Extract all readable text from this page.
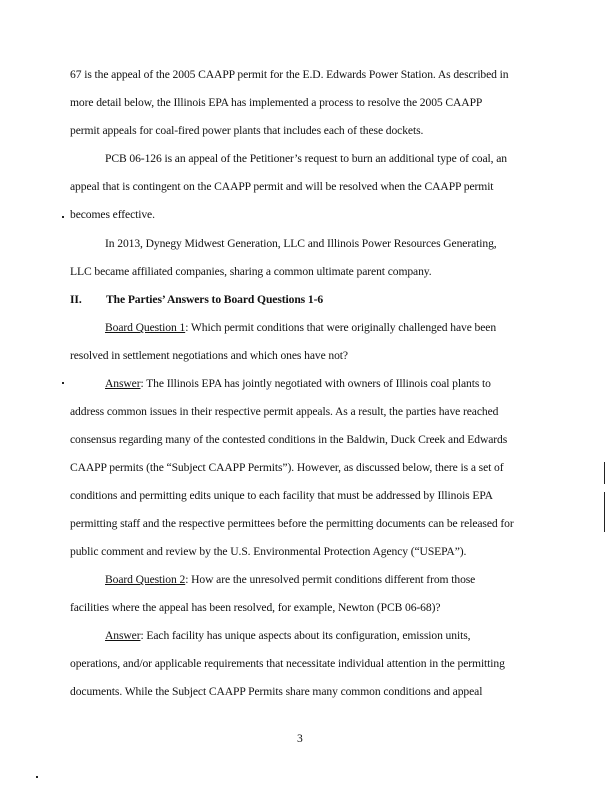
67 is the appeal of the 2005 CAAPP permit for the E.D. Edwards Power Station. As described in
more detail below, the Illinois EPA has implemented a process to resolve the 2005 CAAPP
permit appeals for coal-fired power plants that includes each of these dockets.
PCB 06-126 is an appeal of the Petitioner’s request to burn an additional type of coal, an
appeal that is contingent on the CAAPP permit and will be resolved when the CAAPP permit
becomes effective.
In 2013, Dynegy Midwest Generation, LLC and Illinois Power Resources Generating,
LLC became affiliated companies, sharing a common ultimate parent company.
II. The Parties’ Answers to Board Questions 1-6
Board Question 1: Which permit conditions that were originally challenged have been
resolved in settlement negotiations and which ones have not?
Answer: The Illinois EPA has jointly negotiated with owners of Illinois coal plants to
address common issues in their respective permit appeals. As a result, the parties have reached
consensus regarding many of the contested conditions in the Baldwin, Duck Creek and Edwards
CAAPP permits (the “Subject CAAPP Permits”). However, as discussed below, there is a set of
conditions and permitting edits unique to each facility that must be addressed by Illinois EPA
permitting staff and the respective permittees before the permitting documents can be released for
public comment and review by the U.S. Environmental Protection Agency (“USEPA”).
Board Question 2: How are the unresolved permit conditions different from those
facilities where the appeal has been resolved, for example, Newton (PCB 06-68)?
Answer: Each facility has unique aspects about its configuration, emission units,
operations, and/or applicable requirements that necessitate individual attention in the permitting
documents. While the Subject CAAPP Permits share many common conditions and appeal
3
